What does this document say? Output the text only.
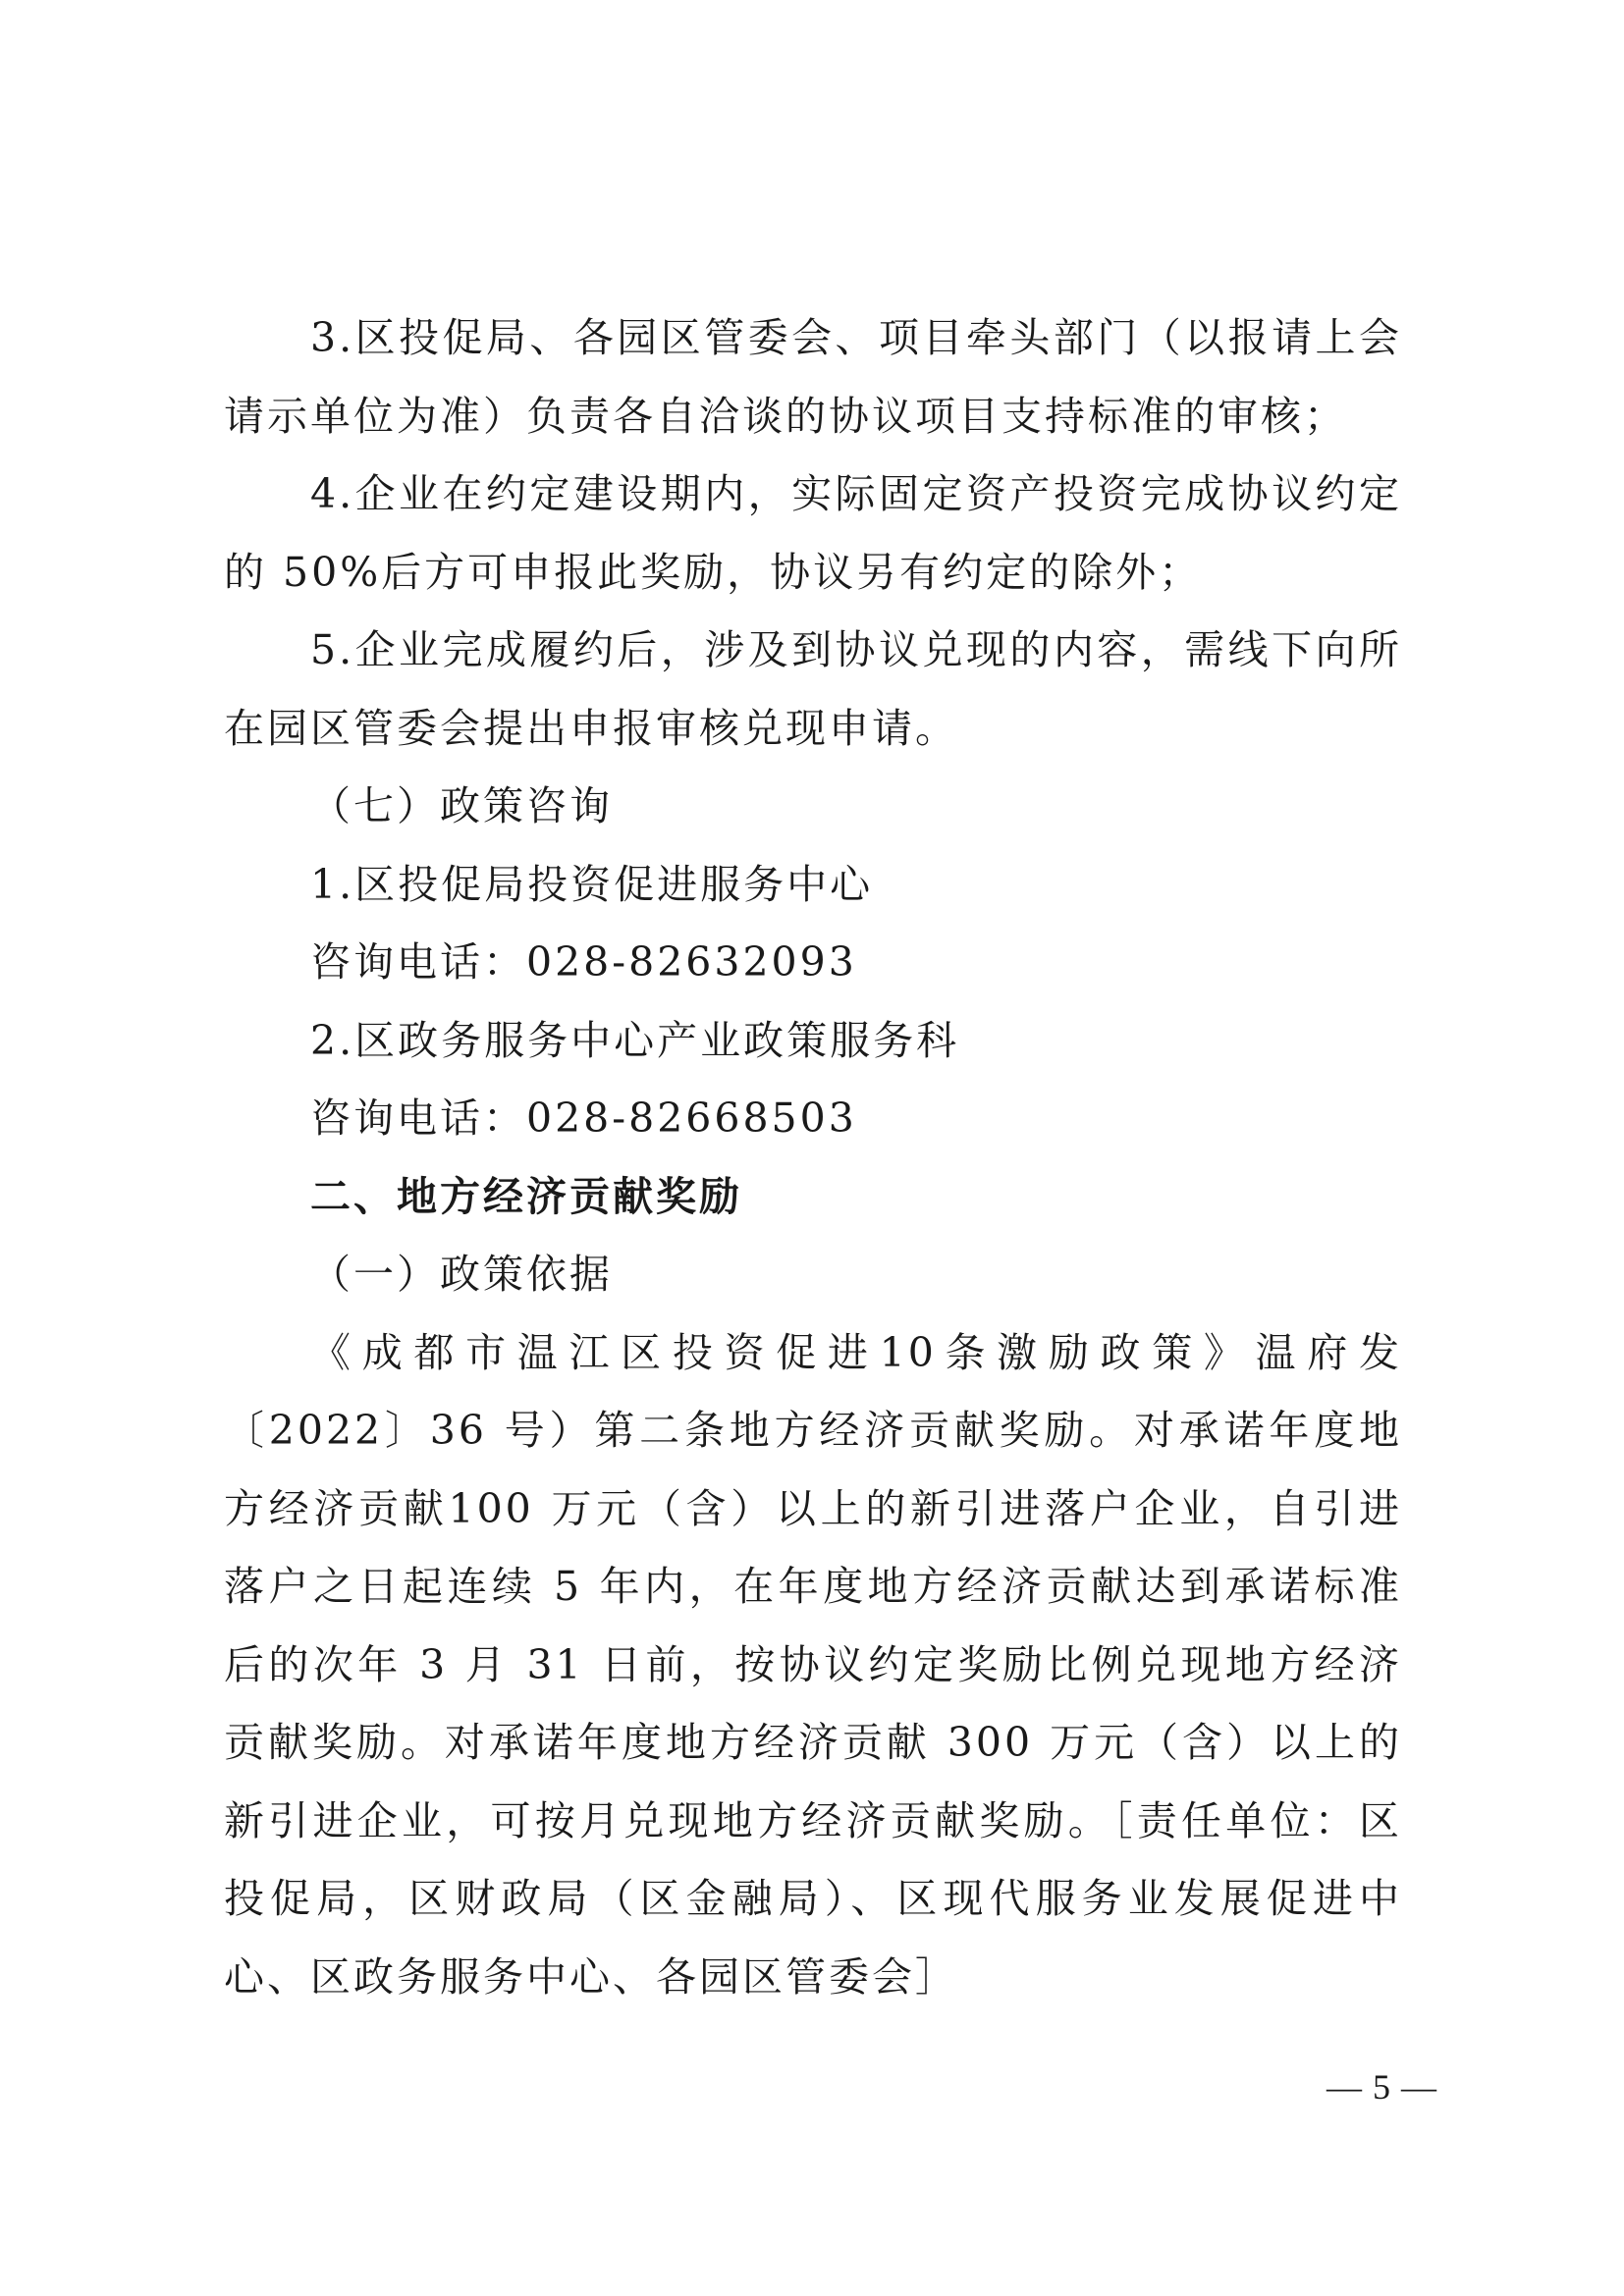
3.区投促局、各园区管委会、项目牵头部门（以报请上会请示单位为准）负责各自洽谈的协议项目支持标准的审核；

4.企业在约定建设期内，实际固定资产投资完成协议约定的 50%后方可申报此奖励，协议另有约定的除外；

5.企业完成履约后，涉及到协议兑现的内容，需线下向所在园区管委会提出申报审核兑现申请。

（七）政策咨询

1.区投促局投资促进服务中心

咨询电话：028-82632093

2.区政务服务中心产业政策服务科

咨询电话：028-82668503

二、地方经济贡献奖励

（一）政策依据

《成都市温江区投资促进10条激励政策》温府发〔2022〕36 号）第二条地方经济贡献奖励。对承诺年度地方经济贡献100 万元（含）以上的新引进落户企业，自引进落户之日起连续 5 年内，在年度地方经济贡献达到承诺标准后的次年 3 月 31 日前，按协议约定奖励比例兑现地方经济贡献奖励。对承诺年度地方经济贡献 300 万元（含）以上的新引进企业，可按月兑现地方经济贡献奖励。［责任单位：区投促局，区财政局（区金融局）、区现代服务业发展促进中心、区政务服务中心、各园区管委会］

— 5 —
